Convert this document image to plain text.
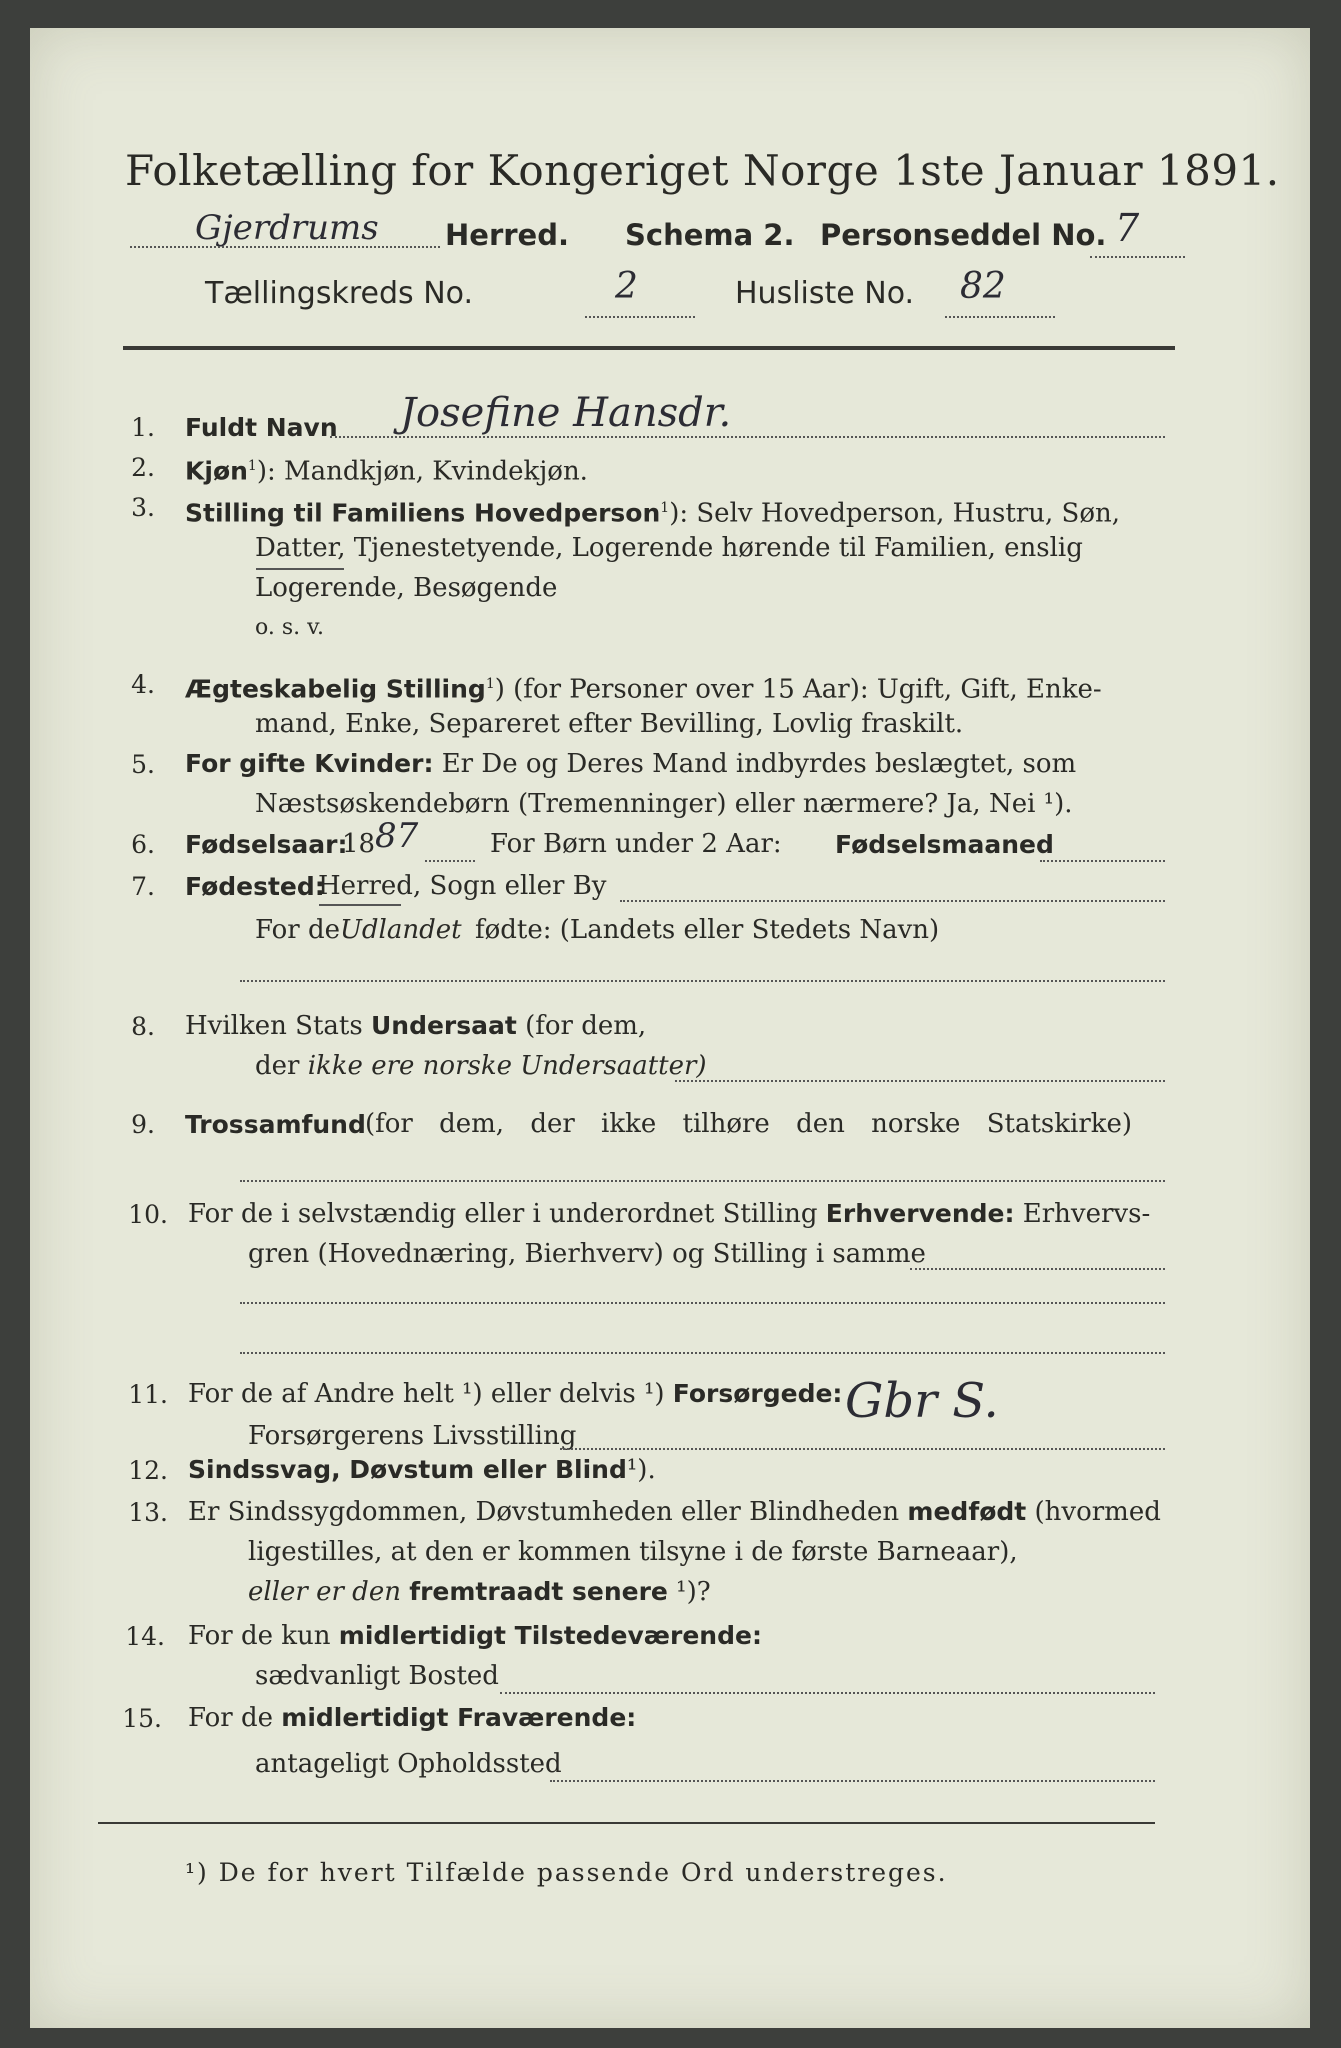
Folketælling for Kongeriget Norge 1ste Januar 1891.
Gjerdrums Herred. Schema 2. Personseddel No. 7
Tællingskreds No.	2	Husliste No. 82
1. Fuldt Navn Josefine Hansdr.
2. Kjøn$^1$): Mandkjøn, Kvindekjøn.
3. Stilling til Familiens Hovedperson$^1$): Selv Hovedperson, Hustru, Søn,
Datter, Tjenestetyende, Logerende hørende til Familien, enslig
Logerende, Besøgende
o. s. v.
4. Ægteskabelig Stilling$^1$) (for Personer over 15 Aar): Ugift, Gift, Enke-
mand, Enke, Separeret efter Bevilling, Lovlig fraskilt.
5. For gifte Kvinder: Er De og Deres Mand indbyrdes beslægtet, som
Næstsøskendebørn (Tremenninger) eller nærmere? Ja, Nei ¹).
6. Fødselsaar:
18 87	For Børn under 2 Aar: Fødselsmaaned
7. Fødested:
Herred, Sogn eller By
For de Udlandet fødte: (Landets eller Stedets Navn)
8. Hvilken Stats Undersaat (for dem,
der ikke ere norske Undersaatter)
9. Trossamfund (for dem, der ikke tilhøre den norske Statskirke)
10. For de i selvstændig eller i underordnet Stilling Erhvervende: Erhvervs-
gren (Hovednæring, Bierhverv) og Stilling i samme
11. For de af Andre helt ¹) eller delvis ¹) Forsørgede:
Forsørgerens Livsstilling
Gbr S.
12. Sindssvag, Døvstum eller Blind¹).
13. Er Sindssygdommen, Døvstumheden eller Blindheden medfødt (hvormed
ligestilles, at den er kommen tilsyne i de første Barneaar),
eller er den fremtraadt senere ¹)?
14. For de kun midlertidigt Tilstedeværende:
sædvanligt Bosted
15. For de midlertidigt Fraværende:
antageligt Opholdssted
¹) De for hvert Tilfælde passende Ord understreges.
